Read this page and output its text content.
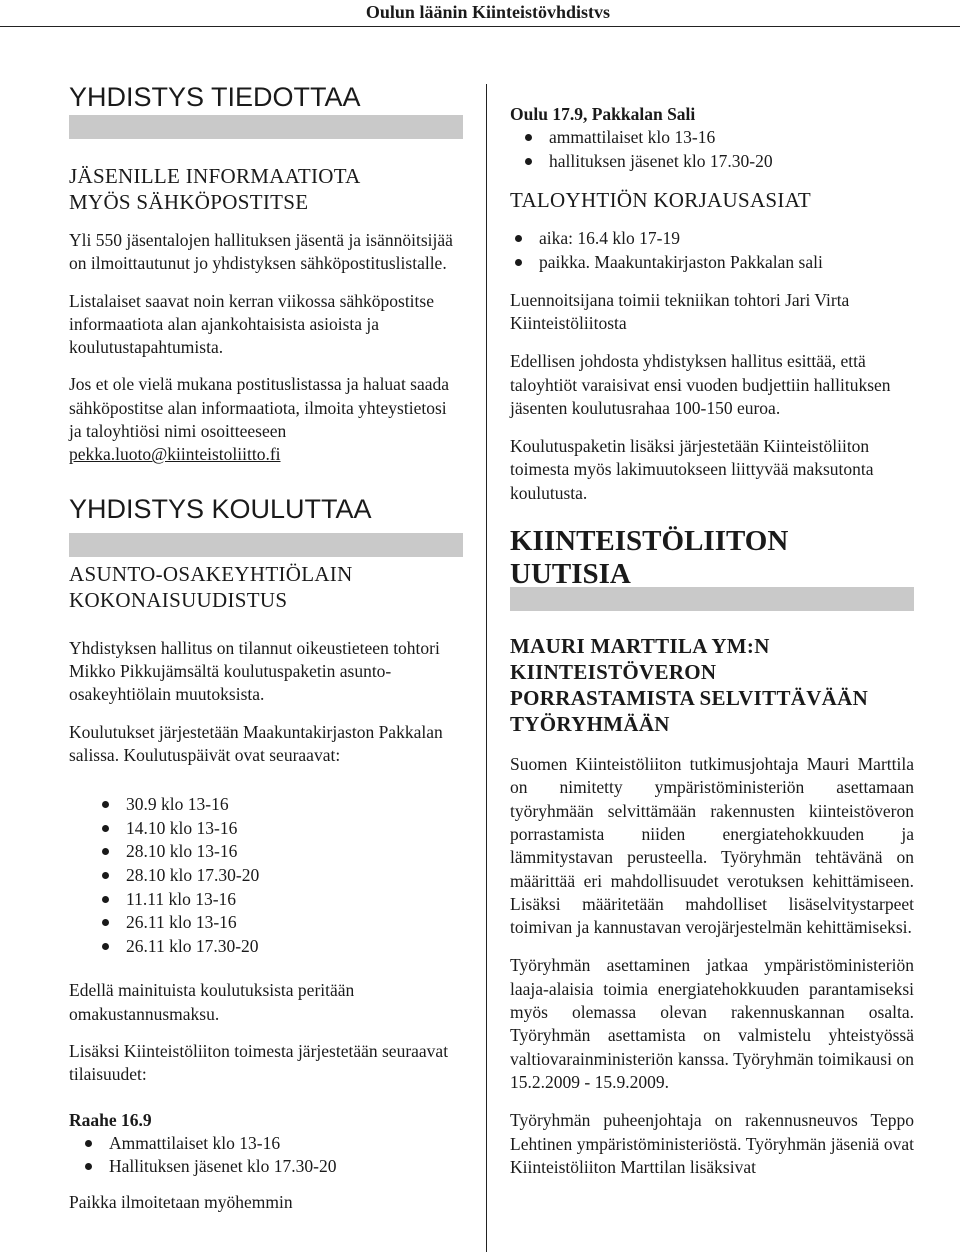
Oulun läänin Kiinteistövhdistvs
YHDISTYS TIEDOTTAA
JÄSENILLE INFORMAATIOTA
MYÖS SÄHKÖPOSTITSE

Yli 550 jäsentalojen hallituksen jäsentä ja isännöitsijää on ilmoittautunut jo yhdistyksen sähköpostituslistalle.

Listalaiset saavat noin kerran viikossa sähköpostitse informaatiota alan ajankohtaisista asioista ja koulutustapahtumista.

Jos et ole vielä mukana postituslistassa ja haluat saada sähköpostitse alan informaatiota, ilmoita yhteystietosi ja taloyhtiösi nimi osoitteeseen pekka.luoto@kiinteistoliitto.fi

YHDISTYS KOULUTTAA
ASUNTO-OSAKEYHTIÖLAIN
KOKONAISUUDISTUS

Yhdistyksen hallitus on tilannut oikeustieteen tohtori Mikko Pikkujämsältä koulutuspaketin asunto-osakeyhtiölain muutoksista.

Koulutukset järjestetään Maakuntakirjaston Pakkalan salissa. Koulutuspäivät ovat seuraavat:

30.9 klo 13-16
14.10 klo 13-16
28.10 klo 13-16
28.10 klo 17.30-20
11.11 klo 13-16
26.11 klo 13-16
26.11 klo 17.30-20

Edellä mainituista koulutuksista peritään omakustannusmaksu.

Lisäksi Kiinteistöliiton toimesta järjestetään seuraavat tilaisuudet:

Raahe 16.9

Ammattilaiset klo 13-16
Hallituksen jäsenet klo 17.30-20

Paikka ilmoitetaan myöhemmin

Oulu 17.9, Pakkalan Sali

ammattilaiset klo 13-16
hallituksen jäsenet klo 17.30-20
TALOYHTIÖN KORJAUSASIAT
aika: 16.4 klo 17-19
paikka. Maakuntakirjaston Pakkalan sali

Luennoitsijana toimii tekniikan tohtori Jari Virta Kiinteistöliitosta

Edellisen johdosta yhdistyksen hallitus esittää, että taloyhtiöt varaisivat ensi vuoden budjettiin hallituksen jäsenten koulutusrahaa 100-150 euroa.

Koulutuspaketin lisäksi järjestetään Kiinteistöliiton toimesta myös lakimuutokseen liittyvää maksutonta koulutusta.

KIINTEISTÖLIITON
UUTISIA
MAURI MARTTILA YM:N
KIINTEISTÖVERON
PORRASTAMISTA SELVITTÄVÄÄN
TYÖRYHMÄÄN

Suomen Kiinteistöliiton tutkimusjohtaja Mauri Marttila on nimitetty ympäristöministeriön asettamaan työryhmään selvittämään rakennusten kiinteistöveron porrastamista niiden energiatehokkuuden ja lämmitystavan perusteella. Työryhmän tehtävänä on määrittää eri mahdollisuudet verotuksen kehittämiseen. Lisäksi määritetään mahdolliset lisäselvitystarpeet toimivan ja kannustavan verojärjestelmän kehittämiseksi.

Työryhmän asettaminen jatkaa ympäristöministeriön laaja-alaisia toimia energiatehokkuuden parantamiseksi myös olemassa olevan rakennuskannan osalta. Työryhmän asettamista on valmistelu yhteistyössä valtiovarainministeriön kanssa. Työryhmän toimikausi on 15.2.2009 - 15.9.2009.

Työryhmän puheenjohtaja on rakennusneuvos Teppo Lehtinen ympäristöministeriöstä. Työryhmän jäseniä ovat Kiinteistöliiton Marttilan lisäksivat
